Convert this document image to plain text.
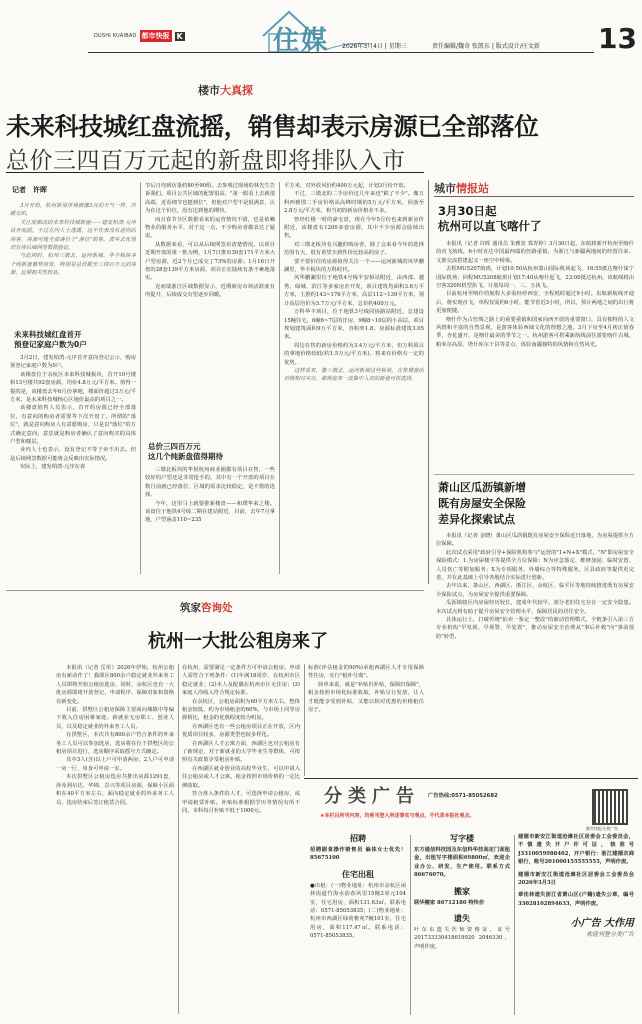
DUSHI KUAIBAO 都市快报 K	住媒 2026年3月4日 | 星期三	责任编辑/魏奇 张凯东 | 版式设计/庄文新 13
楼市大真探
未来科技城红盘流摇，销售却表示房源已全部落位
总价三四百万元起的新盘即将排队入市
记者　许晖

3月开局，杭州新房市场就像3月的天气一样，冷暖交织。

关注度颇高的未来科技城新盘——建发柏湾·元序首开流摇。不过在内人士透露，这不代表没有意向的房客，房源可能全部落位于"落位"销售，真实去化情况有待后续网签数据验证。

与此同时，杭州三墩北、运河新城、华丰板块多个纯新盘蓄势待发，特别是总价跟至三四百万元的房源，近期相关性较高。

未来科技城红盘首开
预登记家庭户数为0户

3月2日，建发柏湾·元序首开意向登记公示，购房预登记家庭户数为0户。

该楼盘位于余杭区未来科技城板块，首开10号楼和13号楼共92套房源，均价4.8万元/平方米。值得一提的是，该楼盘去年6月份拿地，楼面价超过3万元/平方米，是未来科技城核心区地价最高的项目之一。

该楼盘销售人员表示，首开的房源已经全部落位，有意向的购房者需要等下次开盘了。所谓的"落位"，就是意向购房人有意愿购房，只是以"落位"的方式确定意向，意思就是购房者确认了意向购买的具体户型和楼层。

业内人士也表示，没有登记不等于卖不出去。但是后续网签数据可能将会反映出实际情况。

实际上，建发柏湾·元序在春

节后日均到访量约80至90组。去参观过现场的林先生告诉我们，项目公共区域的配置很高，"第一眼看上去就很高端，近看细节也挺到位"，但他对户型不是很满意，认为在这个价位，没有达到他的期待。

而且春节分区数据看来的运营情况不错，也是依赖物业的服务水平，对于这一点，不少购房者都表达了疑虑。

从数据来看，可以从后续网签看清楚情况。以项目近期开盘的第一批为例，1月7日推出30套171平方米大户型房源，近2个月已成交了73%的房源；1月16日开盘的28套139平方米房源，项目正在陆续有条不紊地落实。

克而瑞浙江区域数据显示，近期新房市场活跃度有所提升，后续成交有望逐步回暖。

总价三四百万元
这几个纯新盘值得期待

三墩北板块的华悦杭州商业圈都有项目在售，一些较好的户型还是非常抢手的。其中有一个开盘的项目在数月前就已经落位，区域的需求比较稳定，是不错的选择。

今年，这里马上就要推新楼盘——和璞华来之楼。该盘位于地铁4号线二期在建站附近，目前，去年7月拿地，户型涵盖110~235

平方米，对外放风价约400万元起，计划3月份开盘。

不过，三墩北的二手房价这几年来也"跌了不少"。像万科西雅图二手房价格从高峰时期的5万元/平方米，回落至2.8万元/平方米，和当初的新房价格差不多。

曾经红极一时的豪宅盘，现在今年5月份也来到新房价附近，该楼盘有1200多套房源，其中不少房源会陆续出售。

对三墩北板块有兴趣的购房者，除了会来看今年的选择范围有大，很有希望买到性价比较高的房子。

要不要价位的房源值得关注一个——运河新城的风华鹏澜里，华丰板块的万科时代。

风华鹏澜里位于地铁4号线半安桥站附近，由西部、越秀、绿城、滨江等多家房企开发，项目建筑均面积3.6万平方米，主推约143~176平方米，高层112~139平方米，预计高层均价为3.7万元/平方米，总价约400万元。

万科华丰项目，位于地铁3号线同协路站附近，总建设15幢住宅，6幢6~7层的洋房，9幢8~10层的小高层。项目规划建筑面积9万平方米，容积率1.8，房源标准建筑3.05米。

周边在售的新房价格约为3.4万元/平方米，但万科项目的拿地价格较低(约1.5万元/平方米)，将来有价格有一定的优势。

这样看来，像三墩北、运河新城这些板块，在售楼盘的价格相对实在，都将迎来一波集中入市的新盘可供选择。

城市情报站
3月30日起
杭州可以直飞喀什了

本报讯（记者 许晖 通讯员 朱雅宽 郑青婷）3月30日起，东航将新开杭州至喀什的直飞航线，6小时直达中国最西端的丝路重镇，为浙江与新疆两地间的经贸往来、文旅交流搭建起又一座空中桥梁。

去程MU5207航班，计划10:50从杭州萧山国际机场起飞，16:55抵达喀什徕宁国际机场；回程MU5208航班计划17:40从喀什起飞，23:00抵达杭州。该航线将由空客320N机型执飞，计划每周一、三、五执飞。

目前杭州至喀什的航程大多需经停西安，全程耗时超过9小时。东航新航线开通后，将实现直飞，单程仅需约6小时，能节省近3小时，所以，预计两地之间的出行将更加便捷。

喀什作为古丝绸之路上的重要重镇和国家向西开放的重要窗口，具有独特的人文风情和丰富的自然景观，是游客体验西域文化的理想之地。3月下旬至4月初正值春季，杏花盛开，是喀什最美的季节之一。杭州游客可搭乘新航线前往游览喀什古城、帕米尔高原、塔什库尔干县等景点，体验南疆独特的风情和自然风光。

萧山区瓜沥镇新增
既有房屋安全保险
差异化探索试点

本报讯（记者 金晓）萧山区瓜沥镇既有房屋安全保险近日落地，为房屋提供全方位保障。

此次试点采用"政府引导+保险机构参与"运营的"1+N+X"模式，"N"即房屋安全保险模式：1.为房屋楼宇等提供全方位保障；N为应急鉴定、维修加固、临时安置、人员伤亡等附加服务；X为专项服务，外墙综合等特殊服务，区县政府等提供更完善，并在此基础上引导各地结合实际进行创新。

去年以来，萧山区、西湖区、浙江区、余杭区、临平区等地持续推进既有房屋安全保险试点，为房屋安全提供重要保障。

瓜沥镇辖区内房屋经历较长，建成年代较早，部分老旧住宅存在一定安全隐患。本次试点将有助于提升房屋安全管理水平，保障居民的居住安全。

具体运行上，打破传统"拍卖一鉴定一整改"的被动管理模式，全链条引入第三方专业机构"早发现、早预警、早处置"，推动房屋安全治理从"事后补救"向"事前预防"转型。

筑家咨询处
杭州一大批公租房来了

本报讯（记者 岳彤）2026年伊始，杭州公租房有新动作了！我即区800余户稳定就业外来务工人员即将开始公租房选房，同时，余杭区也有一大批房源即将开放登记，申请程序、保障对象和资格有新变化。

目前，拱墅区公租房保障主要面向城镇中等偏下收入住房困难家庭、新就业无房职工、创业人员，以及稳定就业的外来务工人员。

在拱墅区，本次共有800余户符合条件的外来务工人员可以参加选房，选房将在位于拱墅区的公租房项目进行，选房顺序采取摇号方式确定。

其中3人(含)以上户可申请两房；2人户可申请一房一厅，单身可申请一室。

本次拱墅区公租房选房共推出房源1291套，涉及利尔达、华锦、景兴等项目房源，保障小区面积在40平方米左右，面向稳定就业的外来务工人员，选房结束后签订租赁合同。

在杭州，需要满足一定条件方可申请公租房。申请人需符合下列条件：(1)年满18周岁，在杭州市区稳定就业；(2)本人及配偶在杭州市区无住房；(3)家庭人均收入符合规定标准。

在余杭区，公租房面积为60平方米左右，整体租金较低，约为市场租金的60%，与市场上同等房源相比，租金的优惠程度较为明显。

在西湖区也有一些公租房项目正在开放，区内优质项目较多，房源类型也较多样化。

在西湖区人才公寓方面，西湖区也对公租房有了新规定，对于新就业的大学毕业生等群体，可按照有关政策享受租房补贴。

在西湖区就业创业的高校毕业生，可以申请入住公租房或人才公寓，租金按照市场价格的一定比例收取。

符合准入条件的人才，可选择申请公租房，或申请租赁补贴。补贴标准根据学历等情况有所不同，本科每月补贴不低于1000元。

标准(评估租金的90%)承租西湖区人才专用保障性住房，实行"租补分离"。

简单来说，就是"补贴归补贴，保障归保障"，租金按照市场化标准收取，补贴另行发放，让人才既能享受到补贴，又能以相对优惠的价格租住房子。

分类广告 广告热线:0571-85052682
都市快报分类广告
★本栏目所刊内容，均系刊登人所述事实与观点，不代表本报社观点。
招聘
招聘副食操作销售员 偏体女士优先！85675100
住宅出租
●出租：(一)物业地址：杭州市余杭区闲林街道竹海水韵春风里15幢2单元104室，住宅用房，面积131.63㎡。联系电话：0571-85053835；(二)物业地址：杭州市西湖区绿荷雅苑7幢101室，住宅用房，面积117.47㎡。联系电话：0571-85053835。
写字楼
东方通信科技园及东信科华技高定门面租金，出租写字楼面积69800㎡，欢迎企业办公、研发、生产使用。联系方式86676070。
搬家
联华搬家 86712180 特快价
遗失
叶东东遗失医师资格证，证号201733330418619920 2046330，声明作废。
建德市新安江街道沧滩社区居委会工会委员会，不慎遗失开户许可证，核准号 J3310059988402，开户银行：浙江建德农商银行，账号201000155555555，声明作废。
建德市新安江街道沧滩社区居委会工会委员会2026年3月3日
章佳林遗失浙江省萧山区(户籍)遗失公章，编号33028102894633，声明作废。
小广告 大作用
欢迎刊登分类广告
